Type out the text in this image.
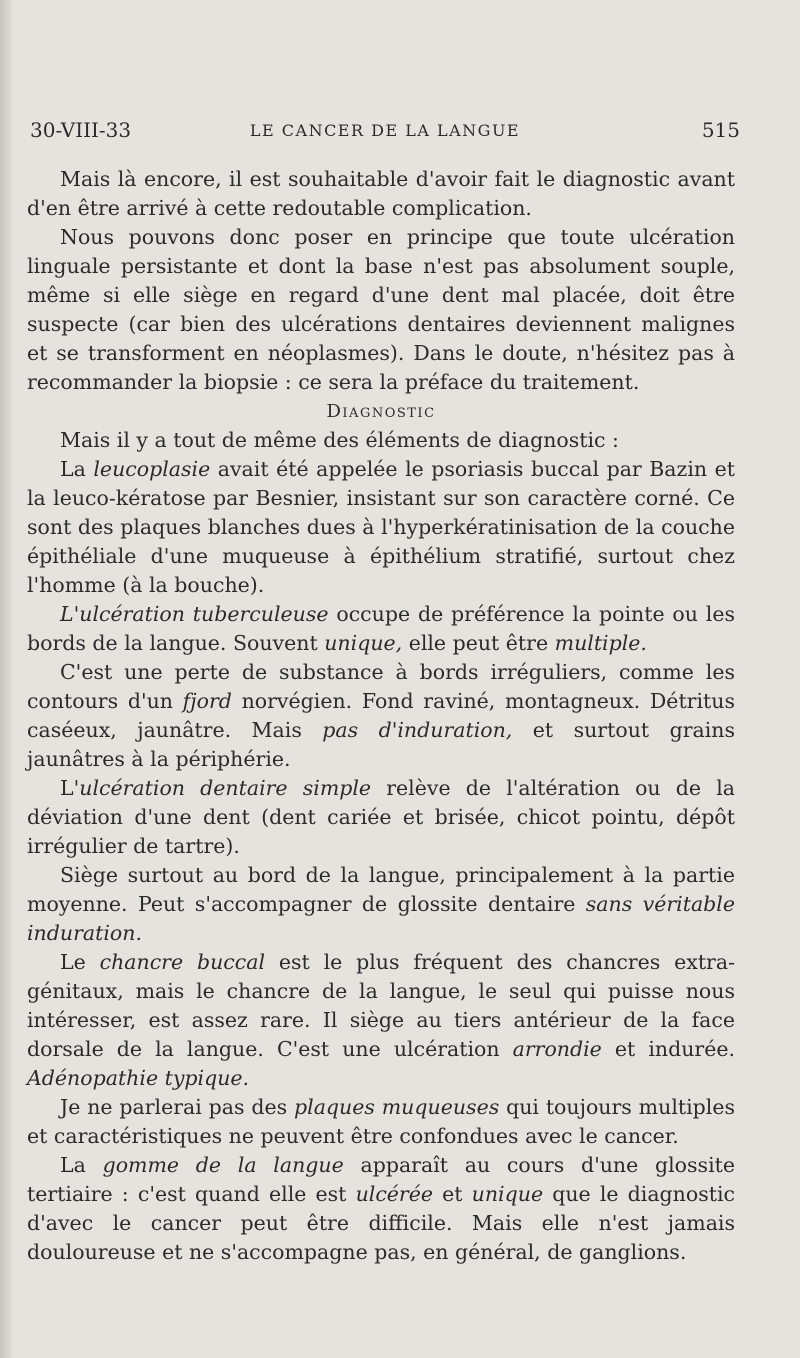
30-VIII-33	LE CANCER DE LA LANGUE	515

Mais là encore, il est souhaitable d'avoir fait le diagnostic avant d'en être arrivé à cette redoutable complication.

Nous pouvons donc poser en principe que toute ulcération linguale persistante et dont la base n'est pas absolument souple, même si elle siège en regard d'une dent mal placée, doit être suspecte (car bien des ulcérations dentaires deviennent malignes et se transforment en néoplasmes). Dans le doute, n'hésitez pas à recommander la biopsie : ce sera la préface du traitement.

Diagnostic

Mais il y a tout de même des éléments de diagnostic :

La leucoplasie avait été appelée le psoriasis buccal par Bazin et la leuco-kératose par Besnier, insistant sur son caractère corné. Ce sont des plaques blanches dues à l'hyperkératinisation de la couche épithéliale d'une muqueuse à épithélium stratifié, surtout chez l'homme (à la bouche).

L'ulcération tuberculeuse occupe de préférence la pointe ou les bords de la langue. Souvent unique, elle peut être multiple.

C'est une perte de substance à bords irréguliers, comme les contours d'un fjord norvégien. Fond raviné, montagneux. Détritus caséeux, jaunâtre. Mais pas d'induration, et surtout grains jaunâtres à la périphérie.

L'ulcération dentaire simple relève de l'altération ou de la déviation d'une dent (dent cariée et brisée, chicot pointu, dépôt irrégulier de tartre).

Siège surtout au bord de la langue, principalement à la partie moyenne. Peut s'accompagner de glossite dentaire sans véritable induration.

Le chancre buccal est le plus fréquent des chancres extra-génitaux, mais le chancre de la langue, le seul qui puisse nous intéresser, est assez rare. Il siège au tiers antérieur de la face dorsale de la langue. C'est une ulcération arrondie et indurée. Adénopathie typique.

Je ne parlerai pas des plaques muqueuses qui toujours multiples et caractéristiques ne peuvent être confondues avec le cancer.

La gomme de la langue apparaît au cours d'une glossite tertiaire : c'est quand elle est ulcérée et unique que le diagnostic d'avec le cancer peut être difficile. Mais elle n'est jamais douloureuse et ne s'accompagne pas, en général, de ganglions.
